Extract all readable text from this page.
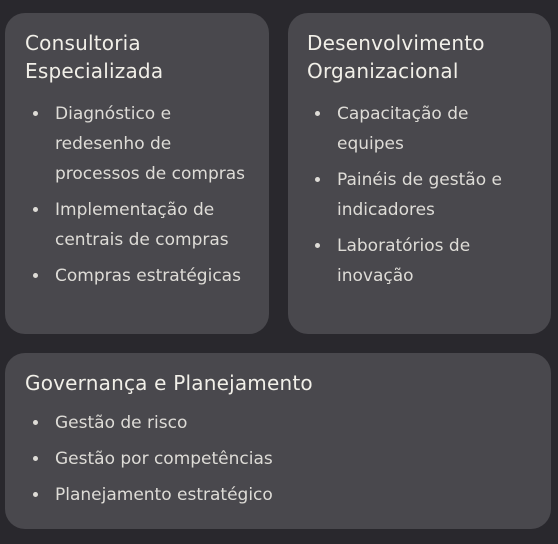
Consultoria
Especializada
Diagnóstico e redesenho de processos de compras
Implementação de centrais de compras
Compras estratégicas
Desenvolvimento
Organizacional
Capacitação de equipes
Painéis de gestão e indicadores
Laboratórios de inovação
Governança e Planejamento
Gestão de risco
Gestão por competências
Planejamento estratégico
